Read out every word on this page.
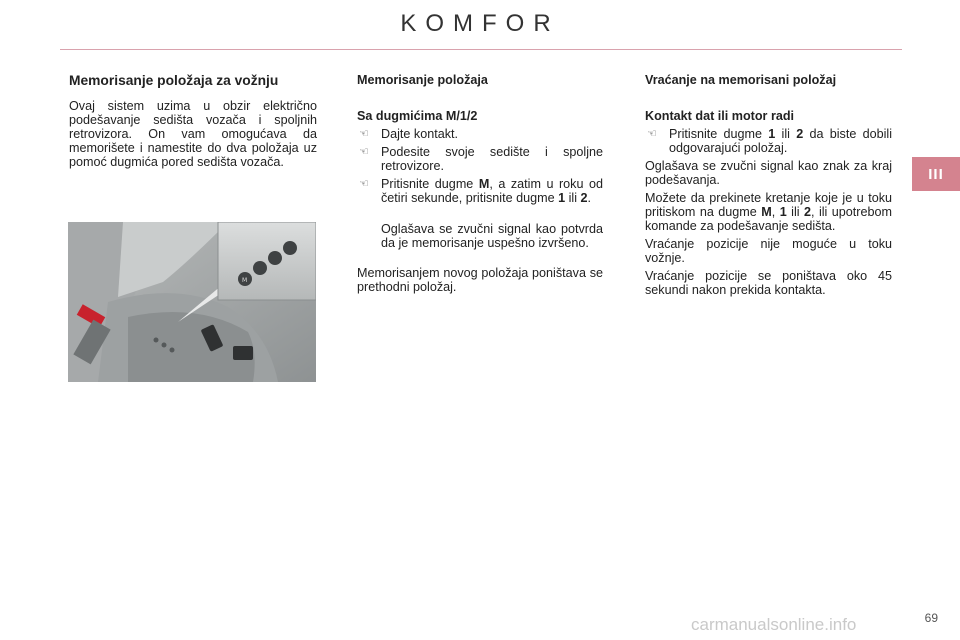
KOMFOR
III
Memorisanje položaja za vožnju

Ovaj sistem uzima u obzir električno podešavanje sedišta vozača i spoljnih retrovizora. On vam omogućava da memorišete i namestite do dva položaja uz pomoć dugmića pored sedišta vozača.

M
Memorisanje položaja

Sa dugmićima M/1/2

☜ Dajte kontakt.
☜ Podesite svoje sedište i spoljne retrovizore.
☜ Pritisnite dugme M, a zatim u roku od četiri sekunde, pritisnite dugme 1 ili 2.

Oglašava se zvučni signal kao potvrda da je memorisanje uspešno izvršeno.

Memorisanjem novog položaja poništava se prethodni položaj.

Vraćanje na memorisani položaj

Kontakt dat ili motor radi

☜ Pritisnite dugme 1 ili 2 da biste dobili odgovarajući položaj.

Oglašava se zvučni signal kao znak za kraj podešavanja.

Možete da prekinete kretanje koje je u toku pritiskom na dugme M, 1 ili 2, ili upotrebom komande za podešavanje sedišta.

Vraćanje pozicije nije moguće u toku vožnje.

Vraćanje pozicije se poništava oko 45 sekundi nakon prekida kontakta.

69
carmanualsonline.info
